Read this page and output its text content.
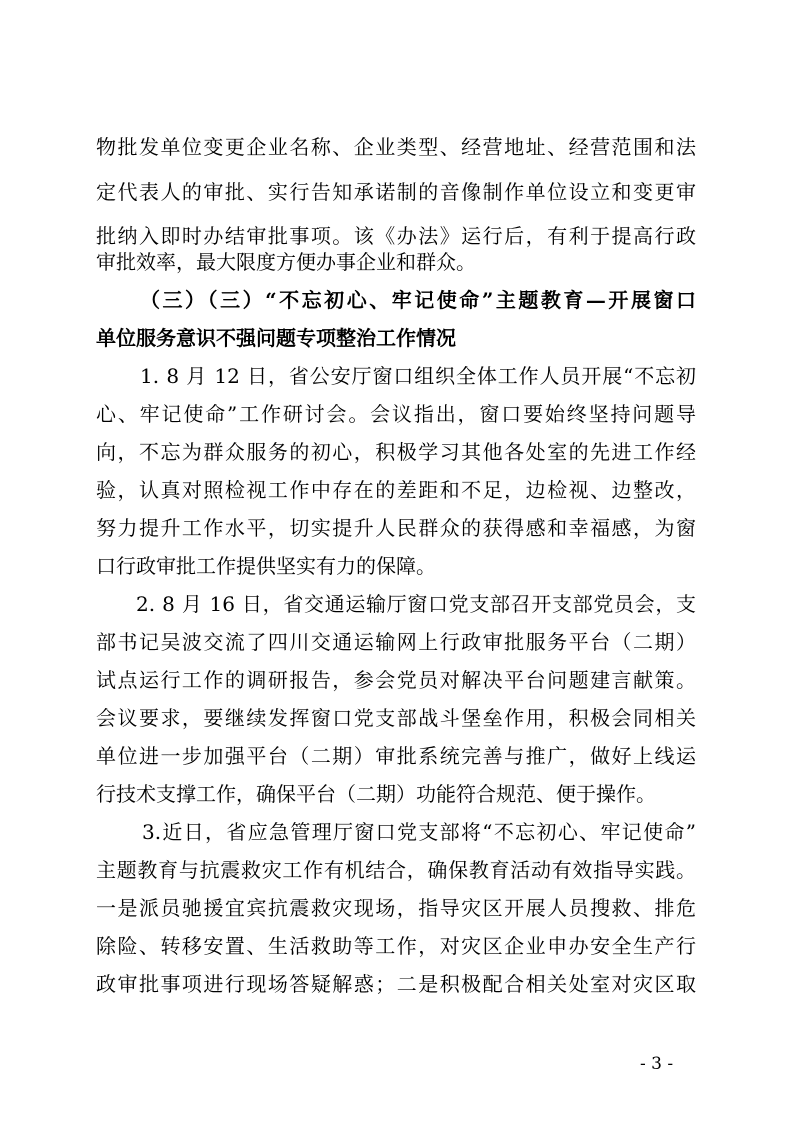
物批发单位变更企业名称、企业类型、经营地址、经营范围和法
定代表人的审批、实行告知承诺制的音像制作单位设立和变更审
批纳入即时办结审批事项。该《办法》运行后，有利于提高行政
审批效率，最大限度方便办事企业和群众。
（三）（三）“不忘初心、牢记使命”主题教育—开展窗口
单位服务意识不强问题专项整治工作情况
1. 8 月 12 日，省公安厅窗口组织全体工作人员开展“不忘初
心、牢记使命”工作研讨会。会议指出，窗口要始终坚持问题导
向，不忘为群众服务的初心，积极学习其他各处室的先进工作经
验，认真对照检视工作中存在的差距和不足，边检视、边整改，
努力提升工作水平，切实提升人民群众的获得感和幸福感，为窗
口行政审批工作提供坚实有力的保障。
2. 8 月 16 日，省交通运输厅窗口党支部召开支部党员会，支
部书记吴波交流了四川交通运输网上行政审批服务平台（二期）
试点运行工作的调研报告，参会党员对解决平台问题建言献策。
会议要求，要继续发挥窗口党支部战斗堡垒作用，积极会同相关
单位进一步加强平台（二期）审批系统完善与推广，做好上线运
行技术支撑工作，确保平台（二期）功能符合规范、便于操作。
3.近日，省应急管理厅窗口党支部将“不忘初心、牢记使命”
主题教育与抗震救灾工作有机结合，确保教育活动有效指导实践。
一是派员驰援宜宾抗震救灾现场，指导灾区开展人员搜救、排危
除险、转移安置、生活救助等工作，对灾区企业申办安全生产行
政审批事项进行现场答疑解惑；二是积极配合相关处室对灾区取
- 3 -
